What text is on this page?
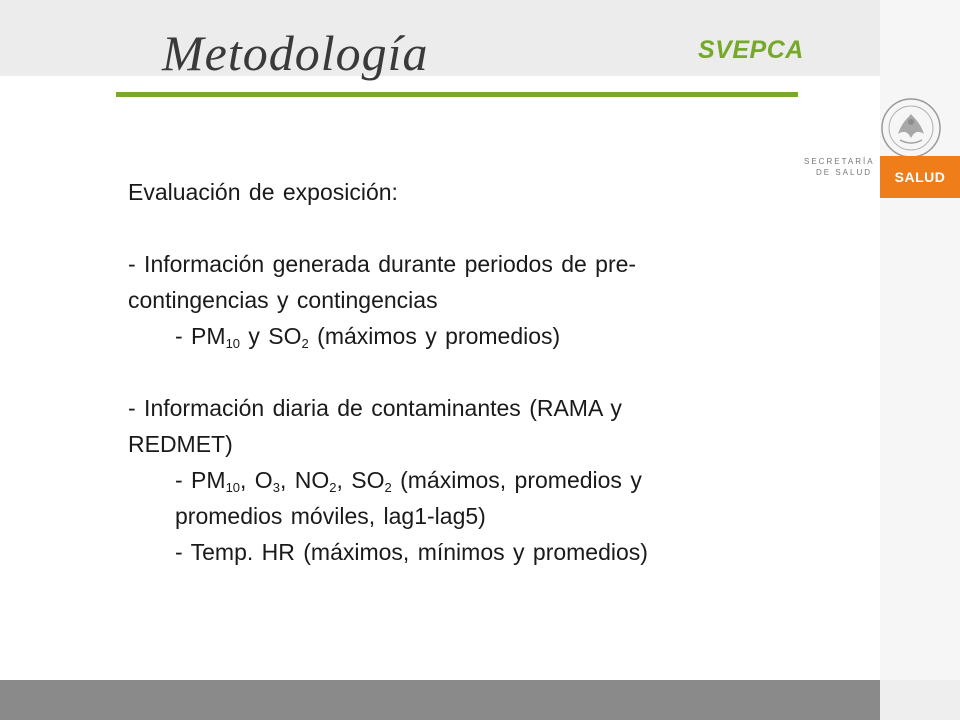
Metodología	SVEPCA
SECRETARÍA
DE SALUD	SALUD

Evaluación de exposición:

- Información generada durante periodos de pre-

contingencias y contingencias

- $PM_{10}$ y $SO_2$ (máximos y promedios)

- Información diaria de contaminantes (RAMA y

REDMET)

- $PM_{10}$, $O_3$, $NO_2$, $SO_2$ (máximos, promedios y

promedios móviles, lag1-lag5)

- Temp. HR (máximos, mínimos y promedios)
